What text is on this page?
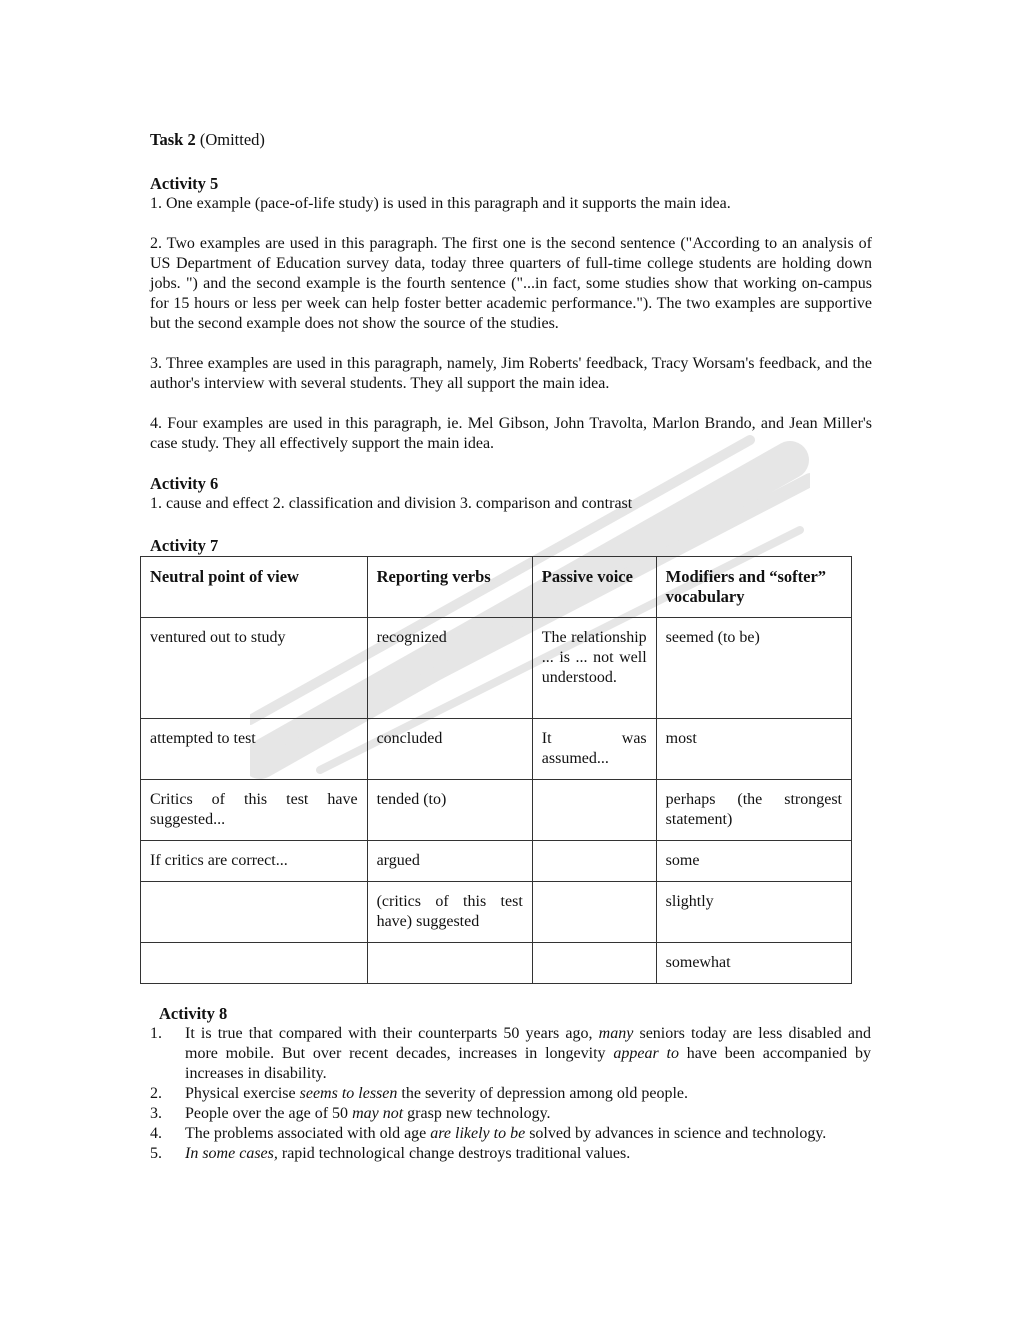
Task 2 (Omitted)
Activity 5

1. One example (pace-of-life study) is used in this paragraph and it supports the main idea.

2. Two examples are used in this paragraph. The first one is the second sentence ("According to an analysis of US Department of Education survey data, today three quarters of full-time college students are holding down jobs. ") and the second example is the fourth sentence ("...in fact, some studies show that working on-campus for 15 hours or less per week can help foster better academic performance."). The two examples are supportive but the second example does not show the source of the studies.

3. Three examples are used in this paragraph, namely, Jim Roberts' feedback, Tracy Worsam's feedback, and the author's interview with several students. They all support the main idea.

4. Four examples are used in this paragraph, ie. Mel Gibson, John Travolta, Marlon Brando, and Jean Miller's case study. They all effectively support the main idea.

Activity 6

1. cause and effect 2. classification and division 3. comparison and contrast

Activity 7
Neutral point of view	Reporting verbs	Passive voice	Modifiers and “softer” vocabulary
ventured out to study	recognized	The relationship ... is ... not well understood.	seemed (to be)
attempted to test	concluded	It was assumed...	most
Critics of this test have suggested...	tended (to)		perhaps (the strongest statement)
If critics are correct...	argued		some
	(critics of this test have) suggested		slightly
			somewhat
Activity 8
1. It is true that compared with their counterparts 50 years ago, many seniors today are less disabled and more mobile. But over recent decades, increases in longevity appear to have been accompanied by increases in disability.
2. Physical exercise seems to lessen the severity of depression among old people.
3. People over the age of 50 may not grasp new technology.
4. The problems associated with old age are likely to be solved by advances in science and technology.
5. In some cases, rapid technological change destroys traditional values.
